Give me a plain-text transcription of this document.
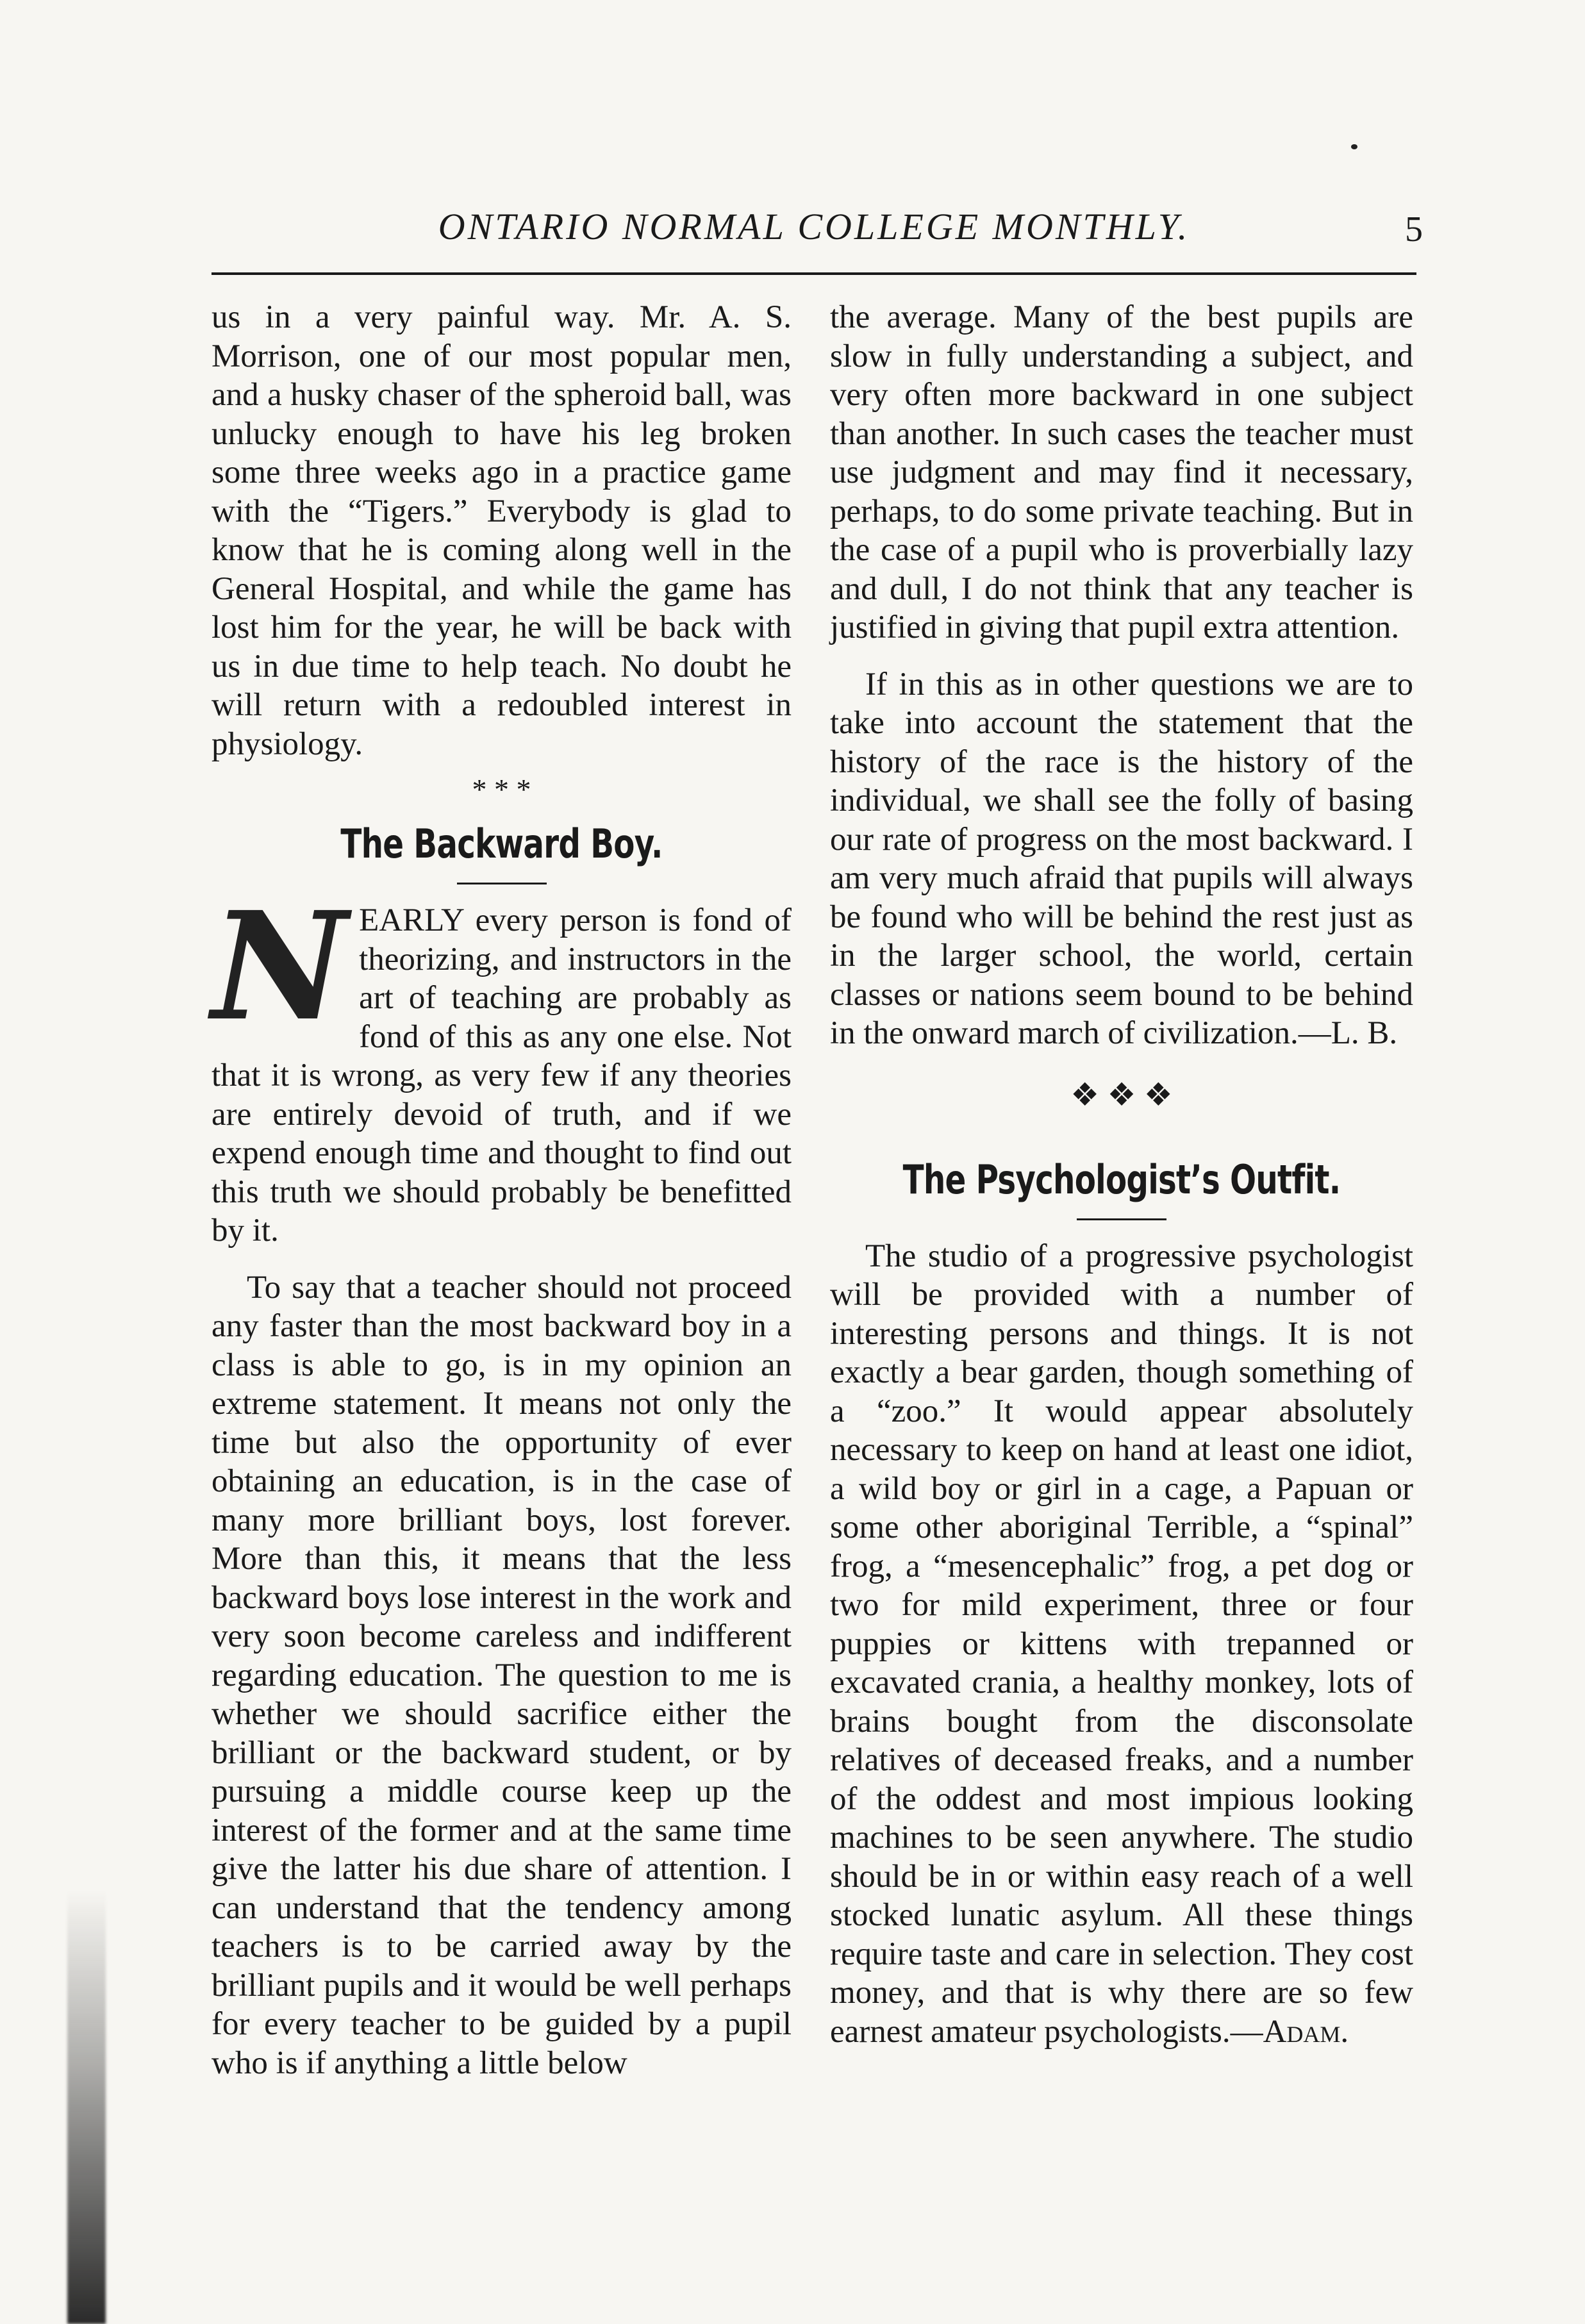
ONTARIO NORMAL COLLEGE MONTHLY.	5

us in a very painful way. Mr. A. S. Morrison, one of our most popular men, and a husky chaser of the spheroid ball, was unlucky enough to have his leg broken some three weeks ago in a practice game with the “Tigers.” Everybody is glad to know that he is coming along well in the General Hospital, and while the game has lost him for the year, he will be back with us in due time to help teach. No doubt he will return with a redoubled interest in physiology.

* * *
The Backward Boy.

NEARLY every person is fond of theorizing, and instructors in the art of teaching are probably as fond of this as any one else. Not that it is wrong, as very few if any theories are entirely devoid of truth, and if we expend enough time and thought to find out this truth we should probably be benefitted by it.

To say that a teacher should not proceed any faster than the most backward boy in a class is able to go, is in my opinion an extreme statement. It means not only the time but also the opportunity of ever obtaining an education, is in the case of many more brilliant boys, lost forever. More than this, it means that the less backward boys lose interest in the work and very soon become careless and indifferent regarding education. The question to me is whether we should sacrifice either the brilliant or the backward student, or by pursuing a middle course keep up the interest of the former and at the same time give the latter his due share of attention. I can understand that the tendency among teachers is to be carried away by the brilliant pupils and it would be well perhaps for every teacher to be guided by a pupil who is if anything a little below

the average. Many of the best pupils are slow in fully understanding a subject, and very often more backward in one subject than another. In such cases the teacher must use judgment and may find it necessary, perhaps, to do some private teaching. But in the case of a pupil who is proverbially lazy and dull, I do not think that any teacher is justified in giving that pupil extra attention.

If in this as in other questions we are to take into account the statement that the history of the race is the history of the individual, we shall see the folly of basing our rate of progress on the most backward. I am very much afraid that pupils will always be found who will be behind the rest just as in the larger school, the world, certain classes or nations seem bound to be behind in the onward march of civilization.—L. B.

❖ ❖ ❖
The Psychologist’s Outfit.

The studio of a progressive psychologist will be provided with a number of interesting persons and things. It is not exactly a bear garden, though something of a “zoo.” It would appear absolutely necessary to keep on hand at least one idiot, a wild boy or girl in a cage, a Papuan or some other aboriginal Terrible, a “spinal” frog, a “mesencephalic” frog, a pet dog or two for mild experiment, three or four puppies or kittens with trepanned or excavated crania, a healthy monkey, lots of brains bought from the disconsolate relatives of deceased freaks, and a number of the oddest and most impious looking machines to be seen anywhere. The studio should be in or within easy reach of a well stocked lunatic asylum. All these things require taste and care in selection. They cost money, and that is why there are so few earnest amateur psychologists.—Adam.
